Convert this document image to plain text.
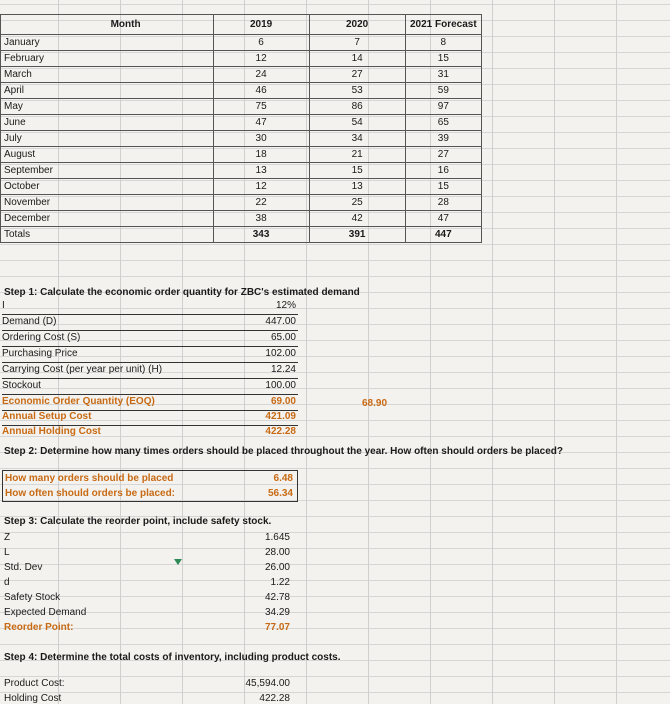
Month	2019	2020	2021 Forecast
January	6	7	8
February	12	14	15
March	24	27	31
April	46	53	59
May	75	86	97
June	47	54	65
July	30	34	39
August	18	21	27
September	13	15	16
October	12	13	15
November	22	25	28
December	38	42	47
Totals	343	391	447
Step 1: Calculate the economic order quantity for ZBC's estimated demand
I	12%
Demand (D)	447.00
Ordering Cost (S)	65.00
Purchasing Price	102.00
Carrying Cost (per year per unit) (H)	12.24
Stockout	100.00
Economic Order Quantity (EOQ)	69.00	68.90
Annual Setup Cost	421.09
Annual Holding Cost	422.28
Step 2: Determine how many times orders should be placed throughout the year. How often should orders be placed?
How many orders should be placed	6.48
How often should orders be placed:	56.34
Step 3: Calculate the reorder point, include safety stock.
Z	1.645
L	28.00
Std. Dev	26.00
d	1.22
Safety Stock	42.78
Expected Demand	34.29
Reorder Point:	77.07
Step 4: Determine the total costs of inventory, including product costs.
Product Cost:	45,594.00
Holding Cost	422.28
